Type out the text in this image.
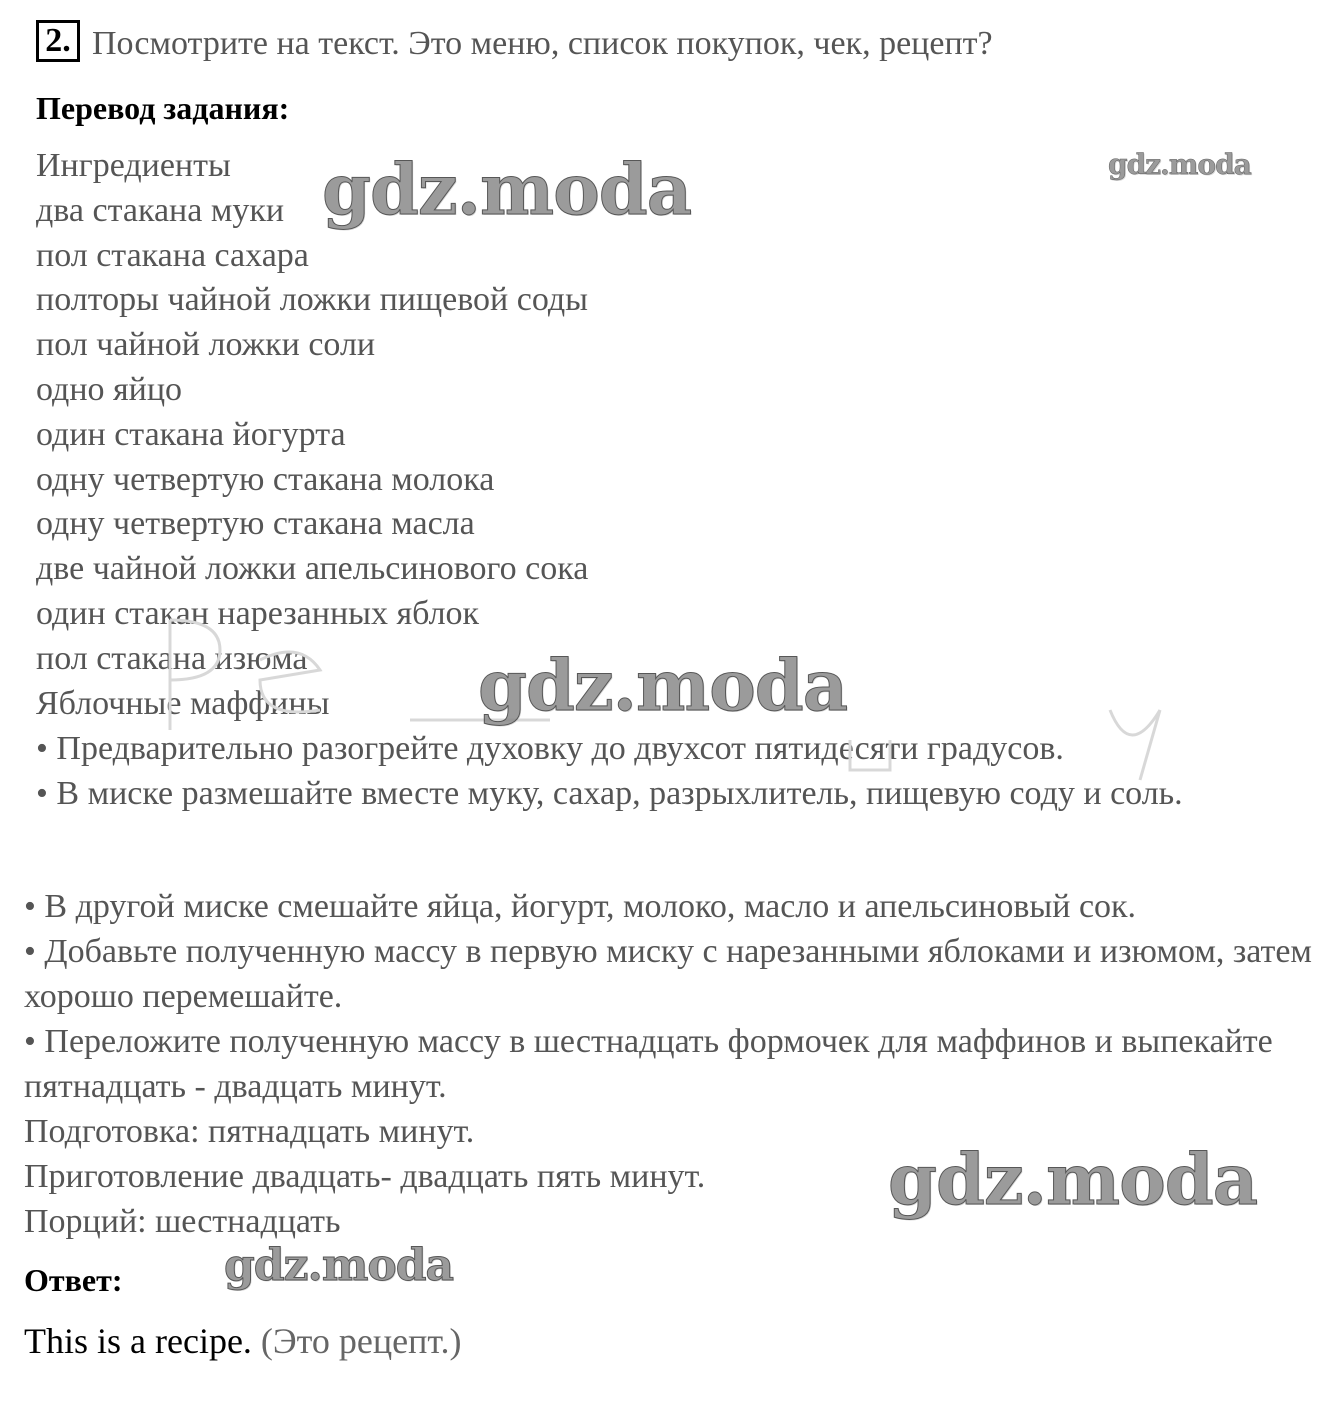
2. Посмотрите на текст. Это меню, список покупок, чек, рецепт?
Перевод задания:
Ингредиенты
два стакана муки
пол стакана сахара
полторы чайной ложки пищевой соды
пол чайной ложки соли
одно яйцо
один стакана йогурта
одну четвертую стакана молока
одну четвертую стакана масла
две чайной ложки апельсинового сока
один стакан нарезанных яблок
пол стакана изюма
Яблочные маффины

• Предварительно разогрейте духовку до двухсот пятидесяти градусов.

• В миске размешайте вместе муку, сахар, разрыхлитель, пищевую соду и соль.

• В другой миске смешайте яйца, йогурт, молоко, масло и апельсиновый сок.

• Добавьте полученную массу в первую миску с нарезанными яблоками и изюмом, затем хорошо перемешайте.

• Переложите полученную массу в шестнадцать формочек для маффинов и выпекайте пятнадцать - двадцать минут.

Подготовка: пятнадцать минут.

Приготовление двадцать- двадцать пять минут.

Порций: шестнадцать

Ответ:
This is a recipe. (Это рецепт.)
gdz.moda	gdz.moda
gdz.moda
gdz.moda
gdz.moda
